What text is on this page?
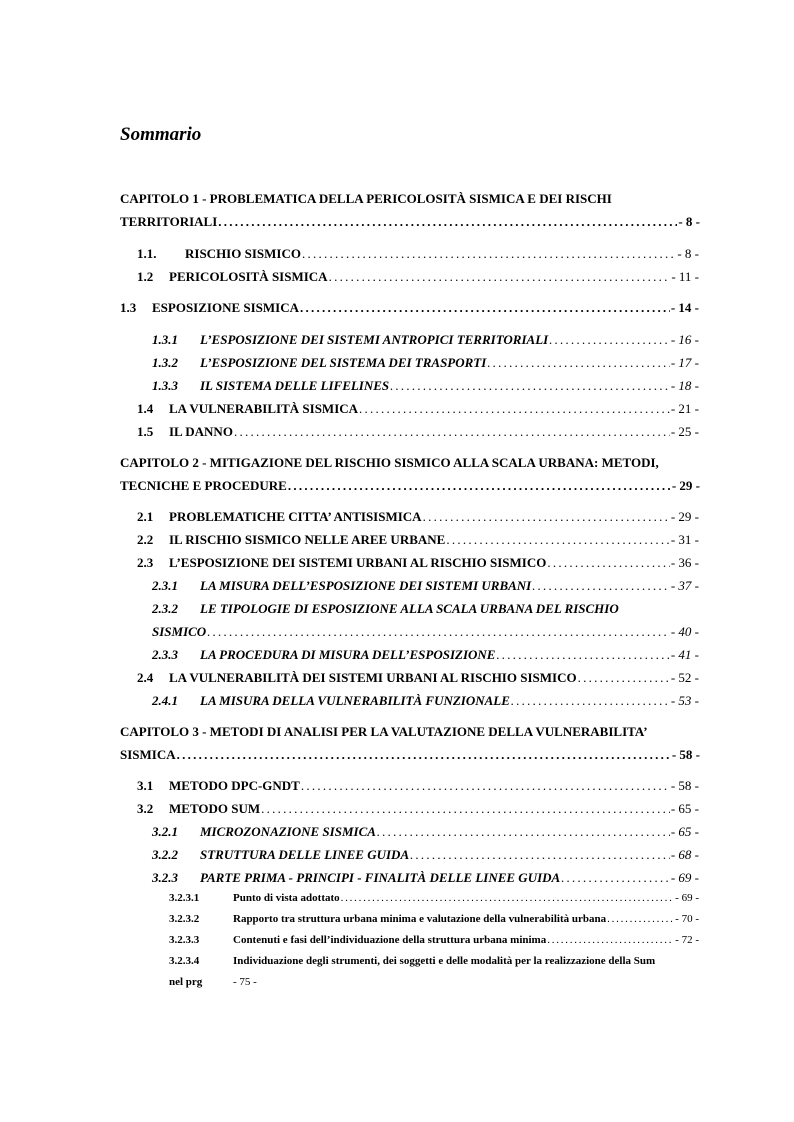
Sommario
CAPITOLO 1 - PROBLEMATICA DELLA PERICOLOSITÀ SISMICA E DEI RISCHI
TERRITORIALI . . .	- 8 -
1.1.	RISCHIO SISMICO . . .	- 8 -
1.2	PERICOLOSITÀ SISMICA . . .	- 11 -
1.3	ESPOSIZIONE SISMICA . . .	- 14 -
1.3.1	L’ESPOSIZIONE DEI SISTEMI ANTROPICI TERRITORIALI . . .	- 16 -
1.3.2	L’ESPOSIZIONE DEL SISTEMA DEI TRASPORTI . . .	- 17 -
1.3.3	IL SISTEMA DELLE LIFELINES . . .	- 18 -
1.4	LA VULNERABILITÀ SISMICA . . .	- 21 -
1.5	IL DANNO . . .	- 25 -
CAPITOLO 2 - MITIGAZIONE DEL RISCHIO SISMICO ALLA SCALA URBANA: METODI,
TECNICHE E PROCEDURE . . .	- 29 -
2.1	PROBLEMATICHE CITTA’ ANTISISMICA . . .	- 29 -
2.2	IL RISCHIO SISMICO NELLE AREE URBANE . . .	- 31 -
2.3	L’ESPOSIZIONE DEI SISTEMI URBANI AL RISCHIO SISMICO . . .	- 36 -
2.3.1	LA MISURA DELL’ESPOSIZIONE DEI SISTEMI URBANI . . .	- 37 -
2.3.2	LE TIPOLOGIE DI ESPOSIZIONE ALLA SCALA URBANA DEL RISCHIO
SISMICO . . .	- 40 -
2.3.3	LA PROCEDURA DI MISURA DELL’ESPOSIZIONE . . .	- 41 -
2.4	LA VULNERABILITÀ DEI SISTEMI URBANI AL RISCHIO SISMICO . . .	- 52 -
2.4.1	LA MISURA DELLA VULNERABILITÀ FUNZIONALE . . .	- 53 -
CAPITOLO 3 - METODI DI ANALISI PER LA VALUTAZIONE DELLA VULNERABILITA’
SISMICA . . .	- 58 -
3.1	METODO DPC-GNDT . . .	- 58 -
3.2	METODO SUM . . .	- 65 -
3.2.1	MICROZONAZIONE SISMICA . . .	- 65 -
3.2.2	STRUTTURA DELLE LINEE GUIDA . . .	- 68 -
3.2.3	PARTE PRIMA - PRINCIPI - FINALITÀ DELLE LINEE GUIDA . . .	- 69 -
3.2.3.1	Punto di vista adottato . . .	- 69 -
3.2.3.2	Rapporto tra struttura urbana minima e valutazione della vulnerabilità urbana . . .	- 70 -
3.2.3.3	Contenuti e fasi dell’individuazione della struttura urbana minima . . .	- 72 -
3.2.3.4	Individuazione degli strumenti, dei soggetti e delle modalità per la realizzazione della Sum
nel prg	- 75 -
